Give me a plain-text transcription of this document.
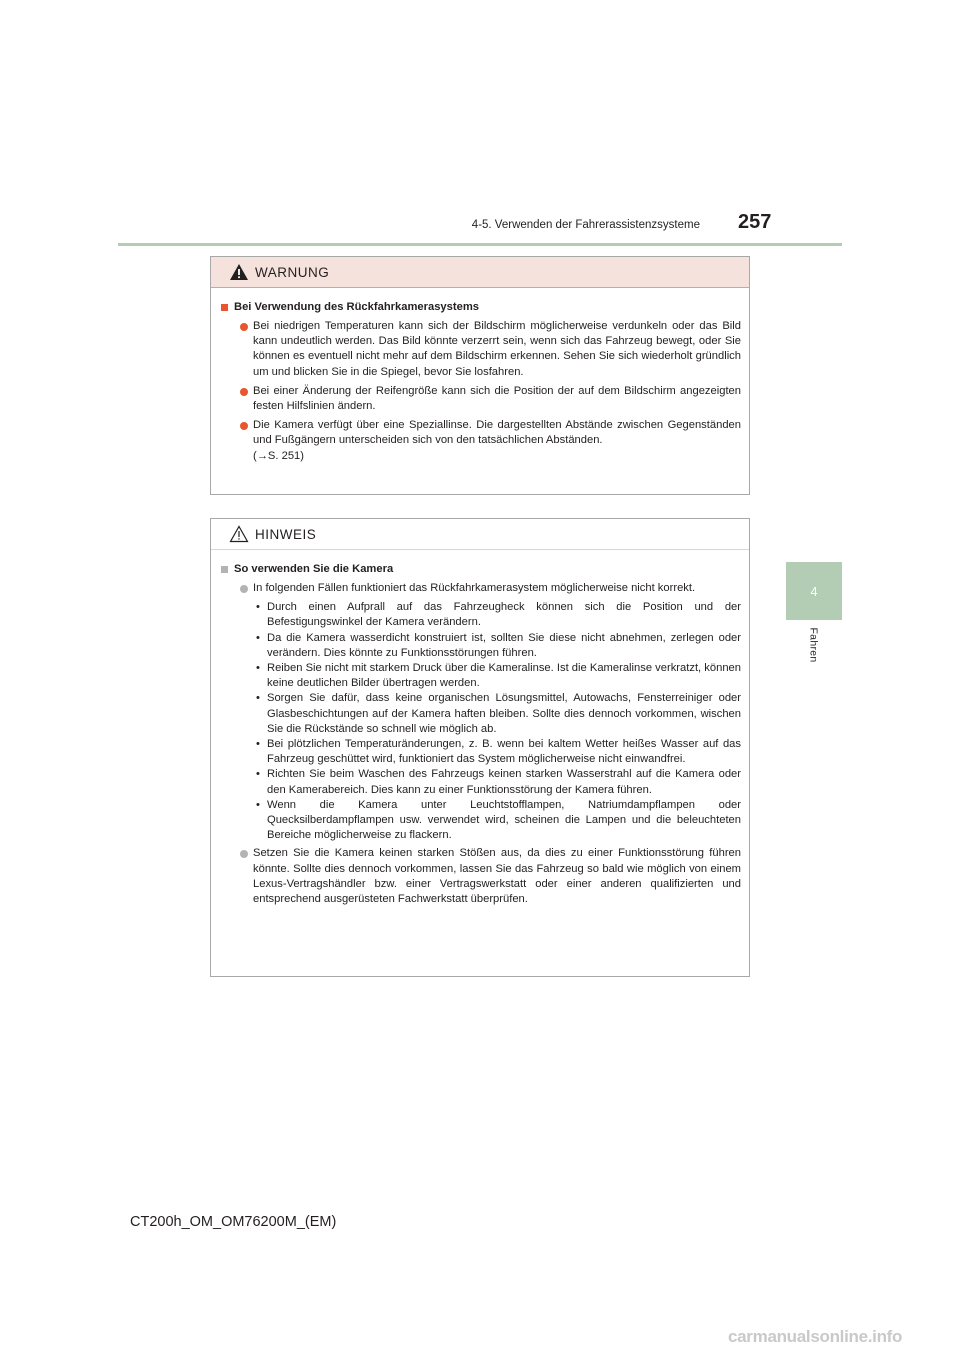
4-5. Verwenden der Fahrerassistenzsysteme 257
4
Fahren
WARNUNG
Bei Verwendung des Rückfahrkamerasystems
Bei niedrigen Temperaturen kann sich der Bildschirm möglicherweise verdunkeln oder das Bild kann undeutlich werden. Das Bild könnte verzerrt sein, wenn sich das Fahrzeug bewegt, oder Sie können es eventuell nicht mehr auf dem Bildschirm erkennen. Sehen Sie sich wiederholt gründlich um und blicken Sie in die Spiegel, bevor Sie losfahren.
Bei einer Änderung der Reifengröße kann sich die Position der auf dem Bildschirm angezeigten festen Hilfslinien ändern.
Die Kamera verfügt über eine Speziallinse. Die dargestellten Abstände zwischen Gegenständen und Fußgängern unterscheiden sich von den tatsächlichen Abständen.
(→S. 251)
HINWEIS
So verwenden Sie die Kamera
In folgenden Fällen funktioniert das Rückfahrkamerasystem möglicherweise nicht korrekt.
• Durch einen Aufprall auf das Fahrzeugheck können sich die Position und der Befestigungswinkel der Kamera verändern.
• Da die Kamera wasserdicht konstruiert ist, sollten Sie diese nicht abnehmen, zerlegen oder verändern. Dies könnte zu Funktionsstörungen führen.
• Reiben Sie nicht mit starkem Druck über die Kameralinse. Ist die Kameralinse verkratzt, können keine deutlichen Bilder übertragen werden.
• Sorgen Sie dafür, dass keine organischen Lösungsmittel, Autowachs, Fensterreiniger oder Glasbeschichtungen auf der Kamera haften bleiben. Sollte dies dennoch vorkommen, wischen Sie die Rückstände so schnell wie möglich ab.
• Bei plötzlichen Temperaturänderungen, z. B. wenn bei kaltem Wetter heißes Wasser auf das Fahrzeug geschüttet wird, funktioniert das System möglicherweise nicht einwandfrei.
• Richten Sie beim Waschen des Fahrzeugs keinen starken Wasserstrahl auf die Kamera oder den Kamerabereich. Dies kann zu einer Funktionsstörung der Kamera führen.
• Wenn die Kamera unter Leuchtstofflampen, Natriumdampflampen oder Quecksilberdampflampen usw. verwendet wird, scheinen die Lampen und die beleuchteten Bereiche möglicherweise zu flackern.
Setzen Sie die Kamera keinen starken Stößen aus, da dies zu einer Funktionsstörung führen könnte. Sollte dies dennoch vorkommen, lassen Sie das Fahrzeug so bald wie möglich von einem Lexus-Vertragshändler bzw. einer Vertragswerkstatt oder einer anderen qualifizierten und entsprechend ausgerüsteten Fachwerkstatt überprüfen.
CT200h_OM_OM76200M_(EM)
carmanualsonline.info
